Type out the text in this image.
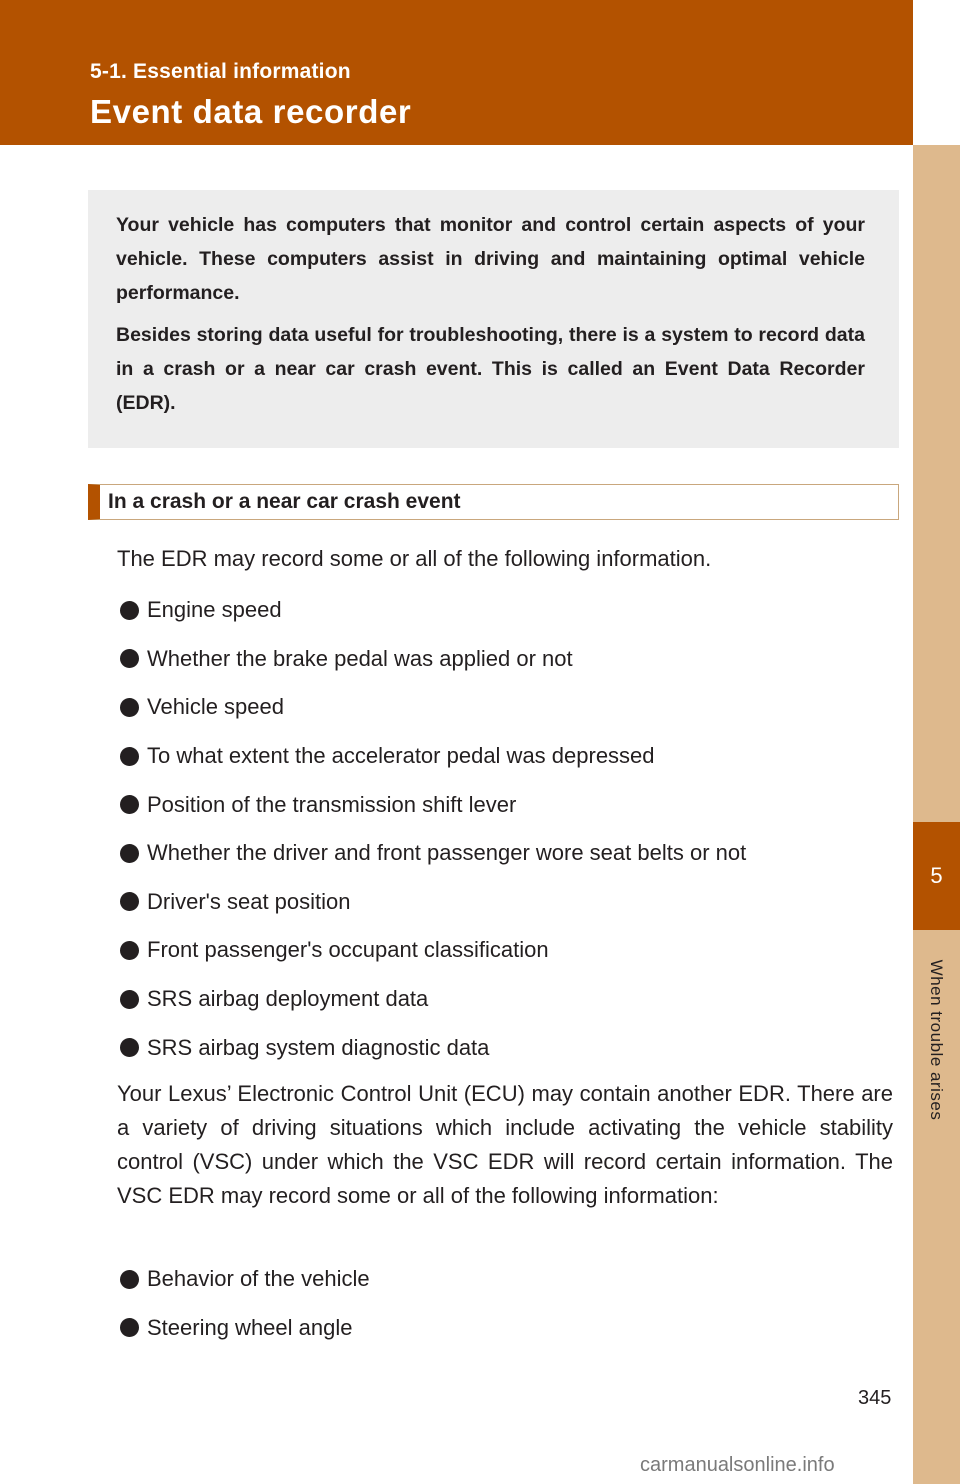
5-1. Essential information
Event data recorder
5
When trouble arises

Your vehicle has computers that monitor and control certain aspects of your vehicle. These computers assist in driving and maintaining optimal vehicle performance.

Besides storing data useful for troubleshooting, there is a system to record data in a crash or a near car crash event. This is called an Event Data Recorder (EDR).

In a crash or a near car crash event
The EDR may record some or all of the following information.
Engine speed
Whether the brake pedal was applied or not
Vehicle speed
To what extent the accelerator pedal was depressed
Position of the transmission shift lever
Whether the driver and front passenger wore seat belts or not
Driver's seat position
Front passenger's occupant classification
SRS airbag deployment data
SRS airbag system diagnostic data

Your Lexus’ Electronic Control Unit (ECU) may contain another EDR. There are a variety of driving situations which include activating the vehicle stability control (VSC) under which the VSC EDR will record certain information. The VSC EDR may record some or all of the following information:

Behavior of the vehicle
Steering wheel angle
345
carmanualsonline.info
